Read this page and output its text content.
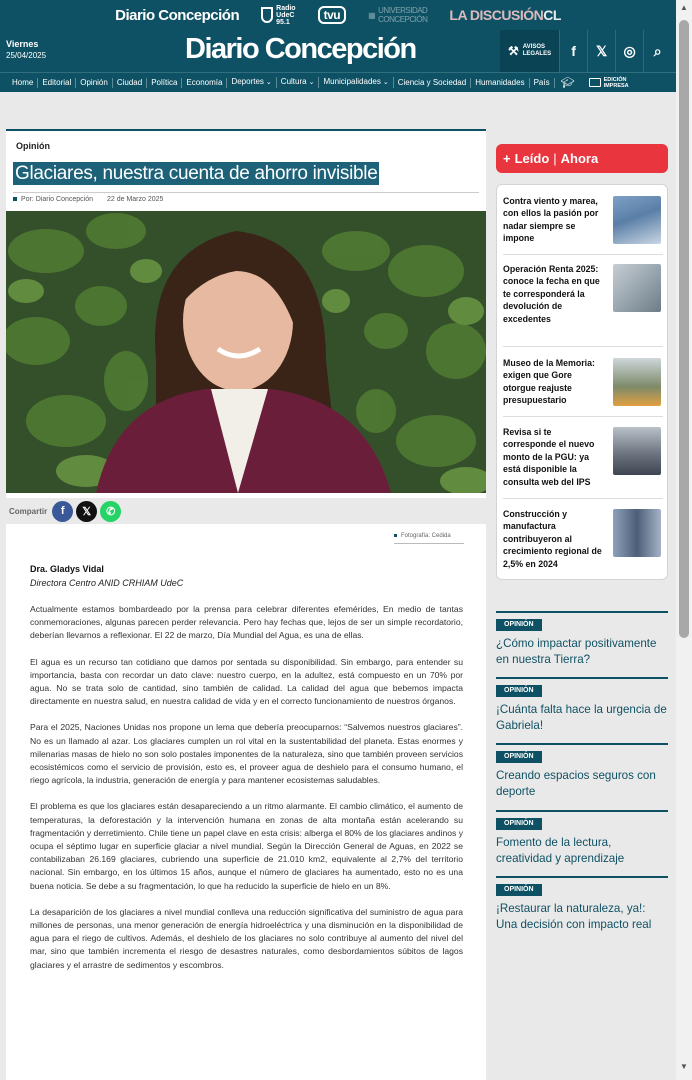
Diario Concepción	Radio
UdeC
95.1	tvu	▦ UNIVERSIDAD
CONCEPCIÓN LA DISCUSIÓNCL
Viernes
25/04/2025	Diario Concepción	⚒ AVISOS
LEGALES	f	𝕏	◎	⌕
Home	Editorial	Opinión	Ciudad	Política	Economía	Deportes ⌄	Cultura ⌄	Municipalidades ⌄	Ciencia y Sociedad	Humanidades	País	🎓︎	EDICIÓN
IMPRESA
▲
▼
Opinión
Glaciares, nuestra cuenta de ahorro invisible
Por: Diario Concepción 22 de Marzo 2025
Compartir f 𝕏 ✆
Fotografía: Cedida
Dra. Gladys Vidal
Directora Centro ANID CRHIAM UdeC

Actualmente estamos bombardeado por la prensa para celebrar diferentes efemérides, En medio de tantas conmemoraciones, algunas parecen perder relevancia. Pero hay fechas que, lejos de ser un simple recordatorio, deberían llevarnos a reflexionar. El 22 de marzo, Día Mundial del Agua, es una de ellas.

El agua es un recurso tan cotidiano que damos por sentada su disponibilidad. Sin embargo, para entender su importancia, basta con recordar un dato clave: nuestro cuerpo, en la adultez, está compuesto en un 70% por agua. No se trata solo de cantidad, sino también de calidad. La calidad del agua que bebemos impacta directamente en nuestra salud, en nuestra calidad de vida y en el correcto funcionamiento de nuestros órganos.

Para el 2025, Naciones Unidas nos propone un lema que debería preocuparnos: “Salvemos nuestros glaciares”. No es un llamado al azar. Los glaciares cumplen un rol vital en la sustentabilidad del planeta. Estas enormes y milenarias masas de hielo no son solo postales imponentes de la naturaleza, sino que también proveen servicios ecosistémicos como el servicio de provisión, esto es, el proveer agua de deshielo para el consumo humano, el riego agrícola, la industria, generación de energía y para mantener ecosistemas saludables.

El problema es que los glaciares están desapareciendo a un ritmo alarmante. El cambio climático, el aumento de temperaturas, la deforestación y la intervención humana en zonas de alta montaña están acelerando su fragmentación y derretimiento. Chile tiene un papel clave en esta crisis: alberga el 80% de los glaciares andinos y ocupa el séptimo lugar en superficie glaciar a nivel mundial. Según la Dirección General de Aguas, en 2022 se contabilizaban 26.169 glaciares, cubriendo una superficie de 21.010 km2, equivalente al 2,7% del territorio nacional. Sin embargo, en los últimos 15 años, aunque el número de glaciares ha aumentado, esto no es una buena noticia. Se debe a su fragmentación, lo que ha reducido la superficie de hielo en un 8%.

La desaparición de los glaciares a nivel mundial conlleva una reducción significativa del suministro de agua para millones de personas, una menor generación de energía hidroeléctrica y una disminución en la disponibilidad de agua para el riego de cultivos. Además, el deshielo de los glaciares no solo contribuye al aumento del nivel del mar, sino que también incrementa el riesgo de desastres naturales, como desbordamientos súbitos de lagos glaciares y el arrastre de sedimentos y escombros.

+ Leído | Ahora
Contra viento y marea, con ellos la pasión por nadar siempre se impone
Operación Renta 2025: conoce la fecha en que te corresponderá la devolución de excedentes
Museo de la Memoria: exigen que Gore otorgue reajuste presupuestario
Revisa si te corresponde el nuevo monto de la PGU: ya está disponible la consulta web del IPS
Construcción y manufactura contribuyeron al crecimiento regional de 2,5% en 2024
OPINIÓN
¿Cómo impactar positivamente en nuestra Tierra?
OPINIÓN
¡Cuánta falta hace la urgencia de Gabriela!
OPINIÓN
Creando espacios seguros con deporte
OPINIÓN
Fomento de la lectura, creatividad y aprendizaje
OPINIÓN
¡Restaurar la naturaleza, ya!: Una decisión con impacto real
